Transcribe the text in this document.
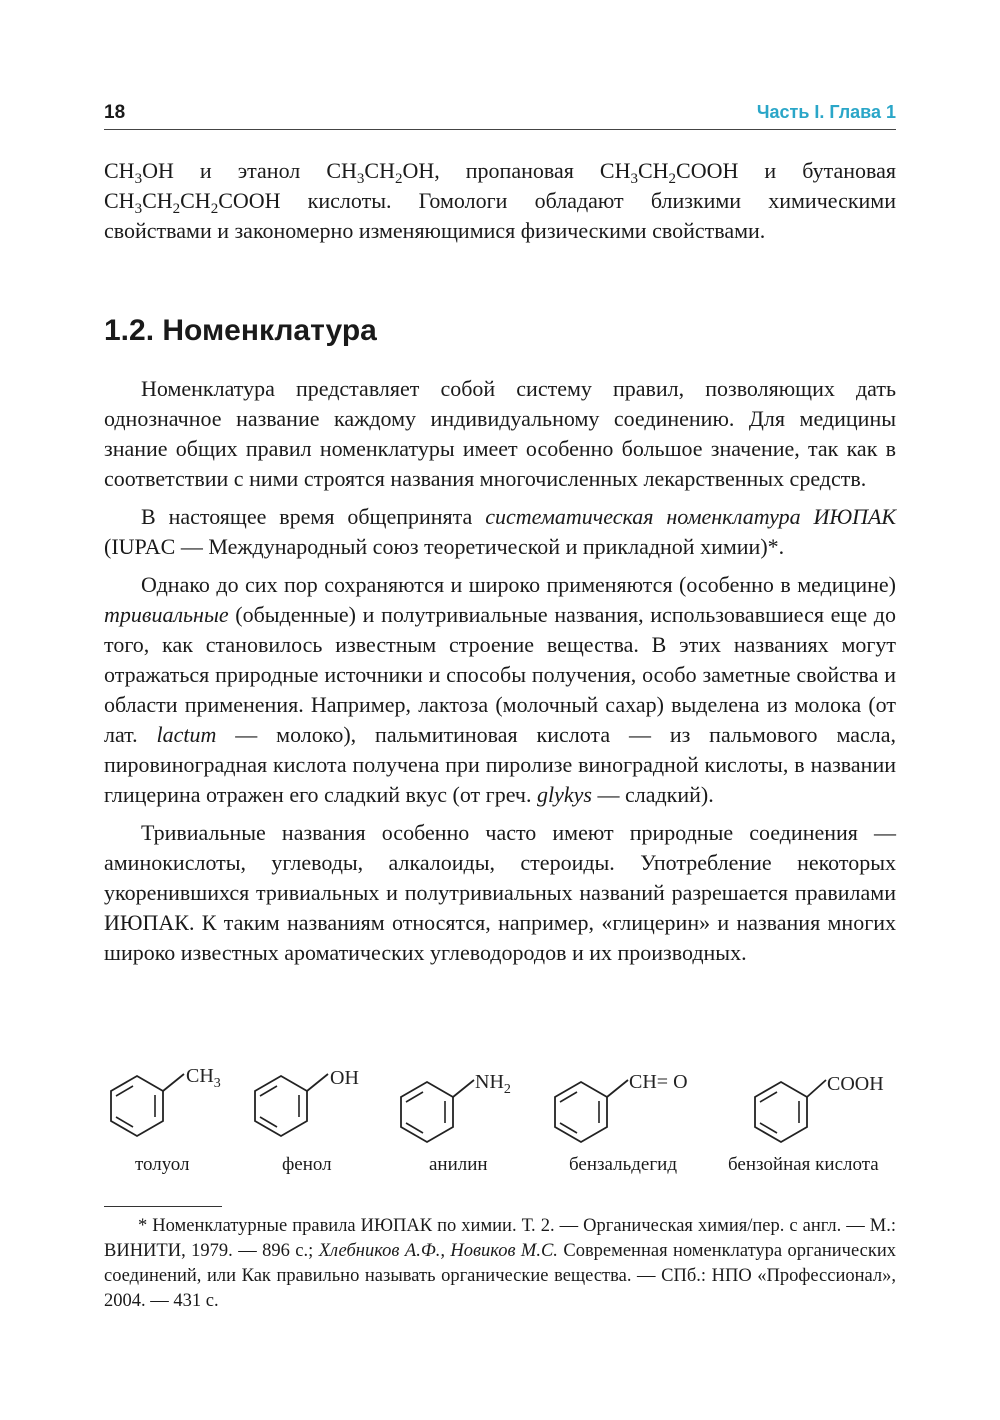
18	Часть I. Глава 1

$CH_3OH$ и этанол $CH_3CH_2OH$, пропановая $CH_3CH_2COOH$ и бутановая $CH_3CH_2CH_2COOH$ кислоты. Гомологи обладают близкими химическими свойствами и закономерно изменяющимися физическими свойствами.

1.2. Номенклатура

Номенклатура представляет собой систему правил, позволяющих дать однозначное название каждому индивидуальному соединению. Для медицины знание общих правил номенклатуры имеет особенно большое значение, так как в соответствии с ними строятся названия многочисленных лекарственных средств.

В настоящее время общепринята систематическая номенклатура ИЮПАК (IUPAC — Международный союз теоретической и прикладной химии)*.

Однако до сих пор сохраняются и широко применяются (особенно в медицине) тривиальные (обыденные) и полутривиальные названия, использовавшиеся еще до того, как становилось известным строение вещества. В этих названиях могут отражаться природные источники и способы получения, особо заметные свойства и области применения. Например, лактоза (молочный сахар) выделена из молока (от лат. lactum — молоко), пальмитиновая кислота — из пальмового масла, пировиноградная кислота получена при пиролизе виноградной кислоты, в названии глицерина отражен его сладкий вкус (от греч. glykys — сладкий).

Тривиальные названия особенно часто имеют природные соединения — аминокислоты, углеводы, алкалоиды, стероиды. Употребление некоторых укоренившихся тривиальных и полутривиальных названий разрешается правилами ИЮПАК. К таким названиям относятся, например, «глицерин» и названия многих широко известных ароматических углеводородов и их производных.

$CH_3$
толуол
OH
фенол
$NH_2$
анилин
CH= O
бензальдегид
COOH
бензойная кислота

* Номенклатурные правила ИЮПАК по химии. Т. 2. — Органическая химия/пер. с англ. — М.: ВИНИТИ, 1979. — 896 с.; Хлебников А.Ф., Новиков М.С. Современная номенклатура органических соединений, или Как правильно называть органические вещества. — СПб.: НПО «Профессионал», 2004. — 431 с.
